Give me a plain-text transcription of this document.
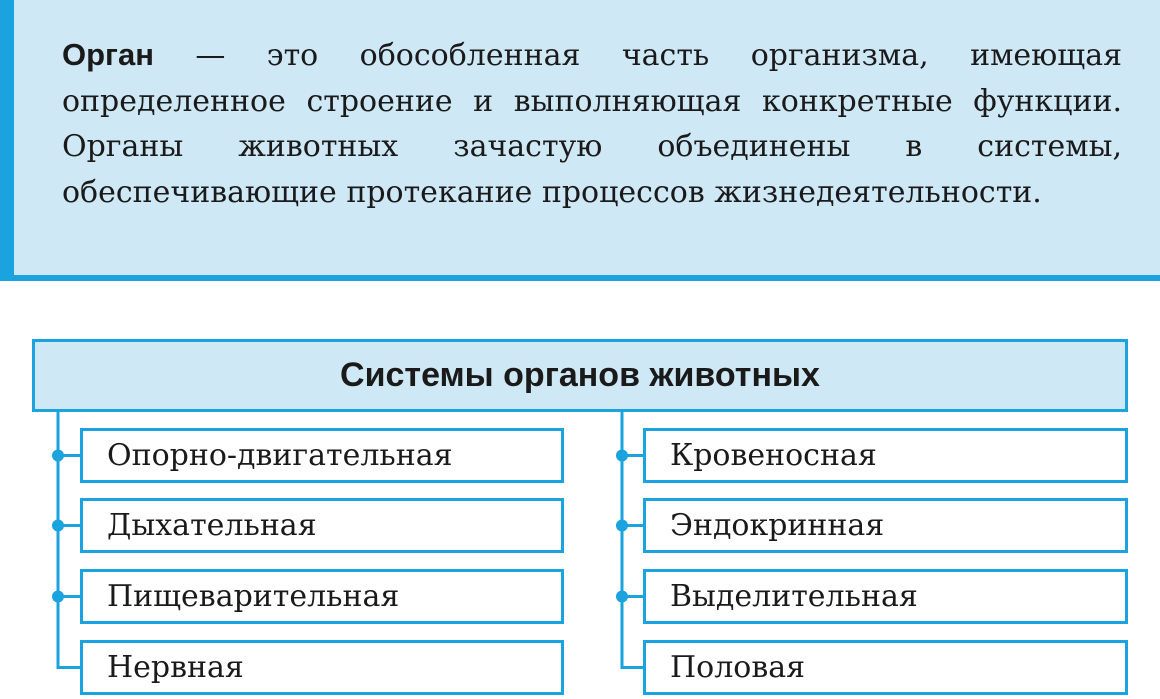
Орган — это обособленная часть организма, имеющая определенное строение и выполняющая конкретные функции. Органы животных зачастую объединены в системы, обеспечивающие протекание процессов жизнедеятельности.

Системы органов животных
Опорно-двигательная
Дыхательная
Пищеварительная
Нервная
Кровеносная
Эндокринная
Выделительная
Половая
